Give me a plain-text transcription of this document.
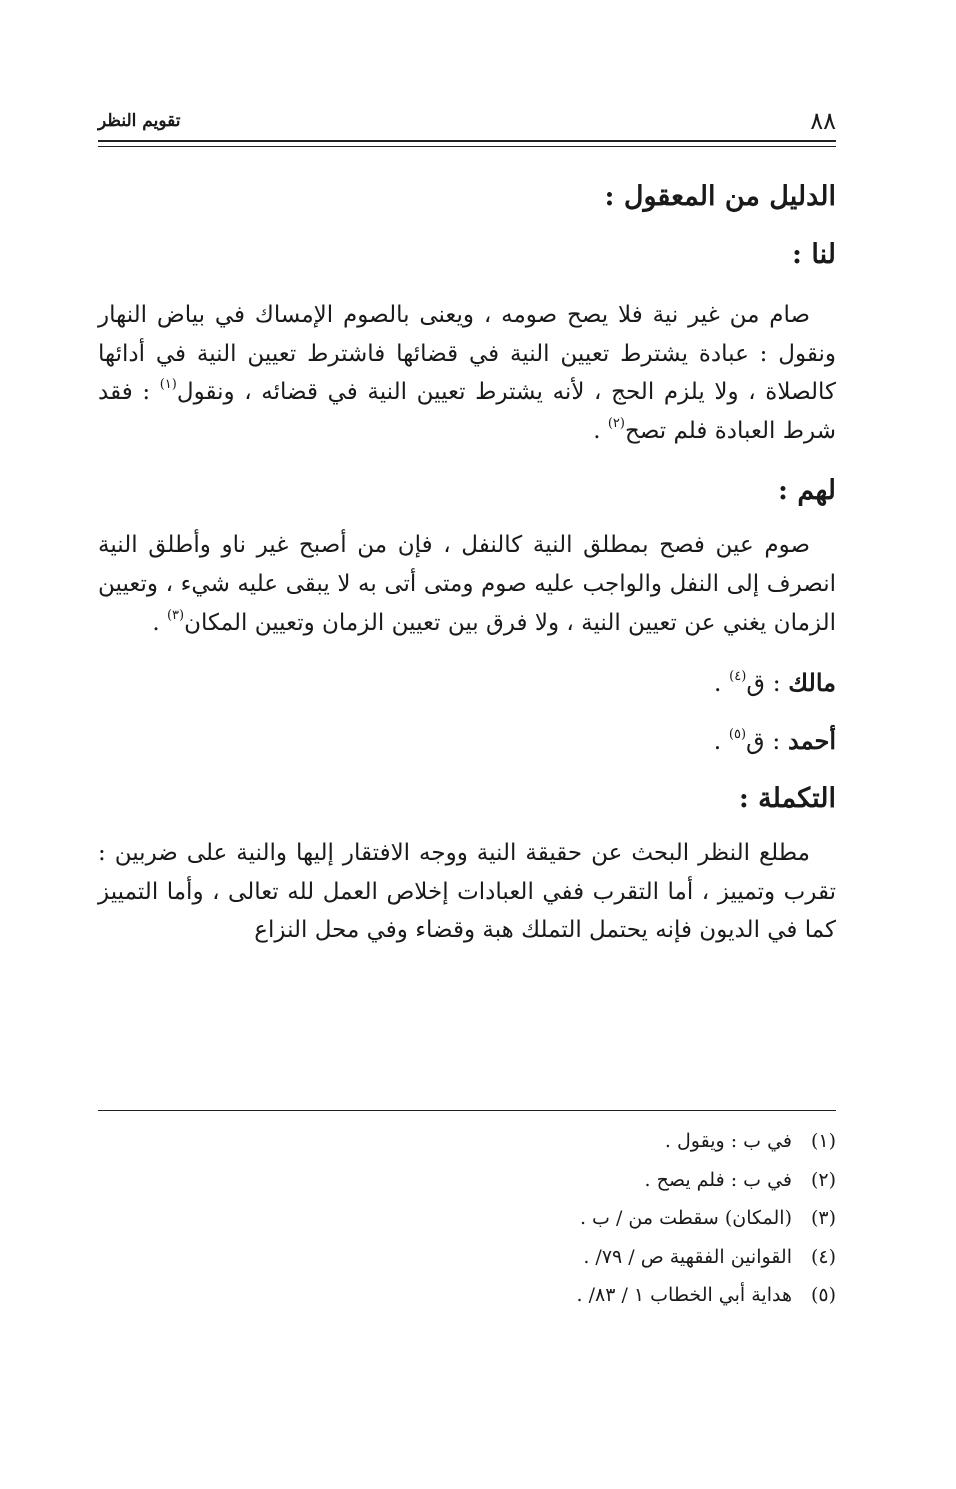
٨٨
تقويم النظر

الدليل من المعقول :

لنا :

صام من غير نية فلا يصح صومه ، ويعنى بالصوم الإمساك في بياض النهار ونقول : عبادة يشترط تعيين النية في قضائها فاشترط تعيين النية في أدائها كالصلاة ، ولا يلزم الحج ، لأنه يشترط تعيين النية في قضائه ، ونقول$^{(١)}$ : فقد شرط العبادة فلم تصح$^{(٢)}$ .

لهم :

صوم عين فصح بمطلق النية كالنفل ، فإن من أصبح غير ناو وأطلق النية انصرف إلى النفل والواجب عليه صوم ومتى أتى به لا يبقى عليه شيء ، وتعيين الزمان يغني عن تعيين النية ، ولا فرق بين تعيين الزمان وتعيين المكان$^{(٣)}$ .

مالك : ق$^{(٤)}$ .

أحمد : ق$^{(٥)}$ .

التكملة :

مطلع النظر البحث عن حقيقة النية ووجه الافتقار إليها والنية على ضربين : تقرب وتمييز ، أما التقرب ففي العبادات إخلاص العمل لله تعالى ، وأما التمييز كما في الديون فإنه يحتمل التملك هبة وقضاء وفي محل النزاع

(١)في ب : ويقول .

(٢)في ب : فلم يصح .

(٣)(المكان) سقطت من / ب .

(٤)القوانين الفقهية ص / ٧٩/ .

(٥)هداية أبي الخطاب ١ / ٨٣/ .
